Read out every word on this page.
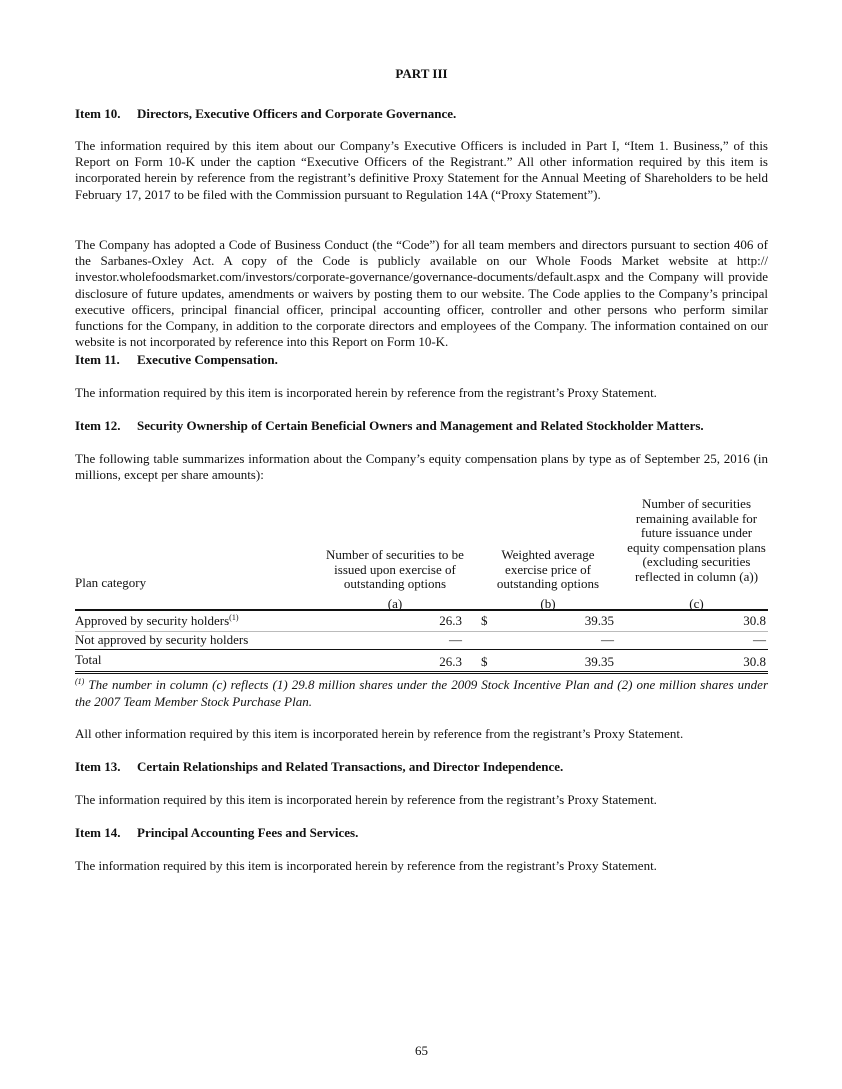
PART III
Item 10. Directors, Executive Officers and Corporate Governance.
The information required by this item about our Company’s Executive Officers is included in Part I, “Item 1. Business,” of this Report on Form 10-K under the caption “Executive Officers of the Registrant.” All other information required by this item is incorporated herein by reference from the registrant’s definitive Proxy Statement for the Annual Meeting of Shareholders to be held February 17, 2017 to be filed with the Commission pursuant to Regulation 14A (“Proxy Statement”).
The Company has adopted a Code of Business Conduct (the “Code”) for all team members and directors pursuant to section 406 of the Sarbanes-Oxley Act. A copy of the Code is publicly available on our Whole Foods Market website at http:// investor.wholefoodsmarket.com/investors/corporate-governance/governance-documents/default.aspx and the Company will provide disclosure of future updates, amendments or waivers by posting them to our website. The Code applies to the Company’s principal executive officers, principal financial officer, principal accounting officer, controller and other persons who perform similar functions for the Company, in addition to the corporate directors and employees of the Company. The information contained on our website is not incorporated by reference into this Report on Form 10-K.
Item 11. Executive Compensation.
The information required by this item is incorporated herein by reference from the registrant’s Proxy Statement.
Item 12. Security Ownership of Certain Beneficial Owners and Management and Related Stockholder Matters.
The following table summarizes information about the Company’s equity compensation plans by type as of September 25, 2016 (in millions, except per share amounts):
Plan category
Number of securities to be issued upon exercise of outstanding options
Weighted average exercise price of outstanding options
Number of securities remaining available for future issuance under equity compensation plans (excluding securities reflected in column (a))
(a)	(b)	(c)
Approved by security holders$^{(1)}$	26.3 $	39.35	30.8
Not approved by security holders	—	—	—
Total	26.3 $	39.35	30.8
$^{(1)}$ The number in column (c) reflects (1) 29.8 million shares under the 2009 Stock Incentive Plan and (2) one million shares under the 2007 Team Member Stock Purchase Plan.
All other information required by this item is incorporated herein by reference from the registrant’s Proxy Statement.
Item 13. Certain Relationships and Related Transactions, and Director Independence.
The information required by this item is incorporated herein by reference from the registrant’s Proxy Statement.
Item 14. Principal Accounting Fees and Services.
The information required by this item is incorporated herein by reference from the registrant’s Proxy Statement.
65
